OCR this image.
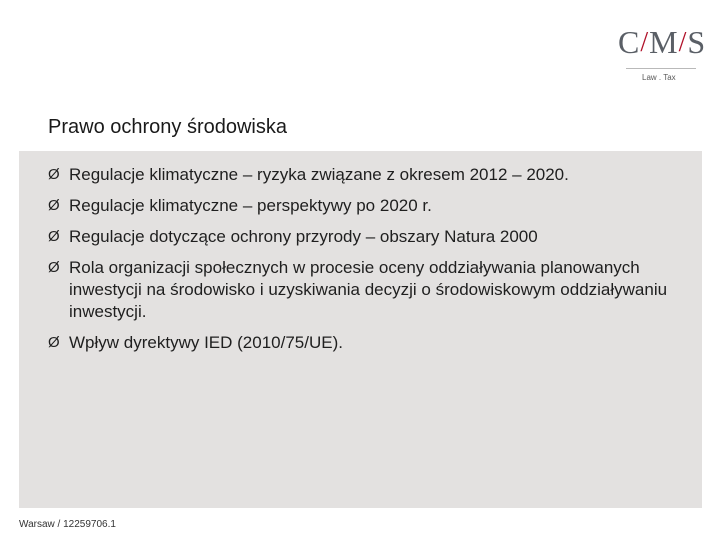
C/M/S
Law . Tax
Prawo ochrony środowiska
Ø Regulacje klimatyczne – ryzyka związane z okresem 2012 – 2020.
Ø Regulacje klimatyczne – perspektywy po 2020 r.
Ø Regulacje dotyczące ochrony przyrody – obszary Natura 2000
Ø Rola organizacji społecznych w procesie oceny oddziaływania planowanych inwestycji na środowisko i uzyskiwania decyzji o środowiskowym oddziaływaniu inwestycji.
Ø Wpływ dyrektywy IED (2010/75/UE).
Warsaw / 12259706.1
